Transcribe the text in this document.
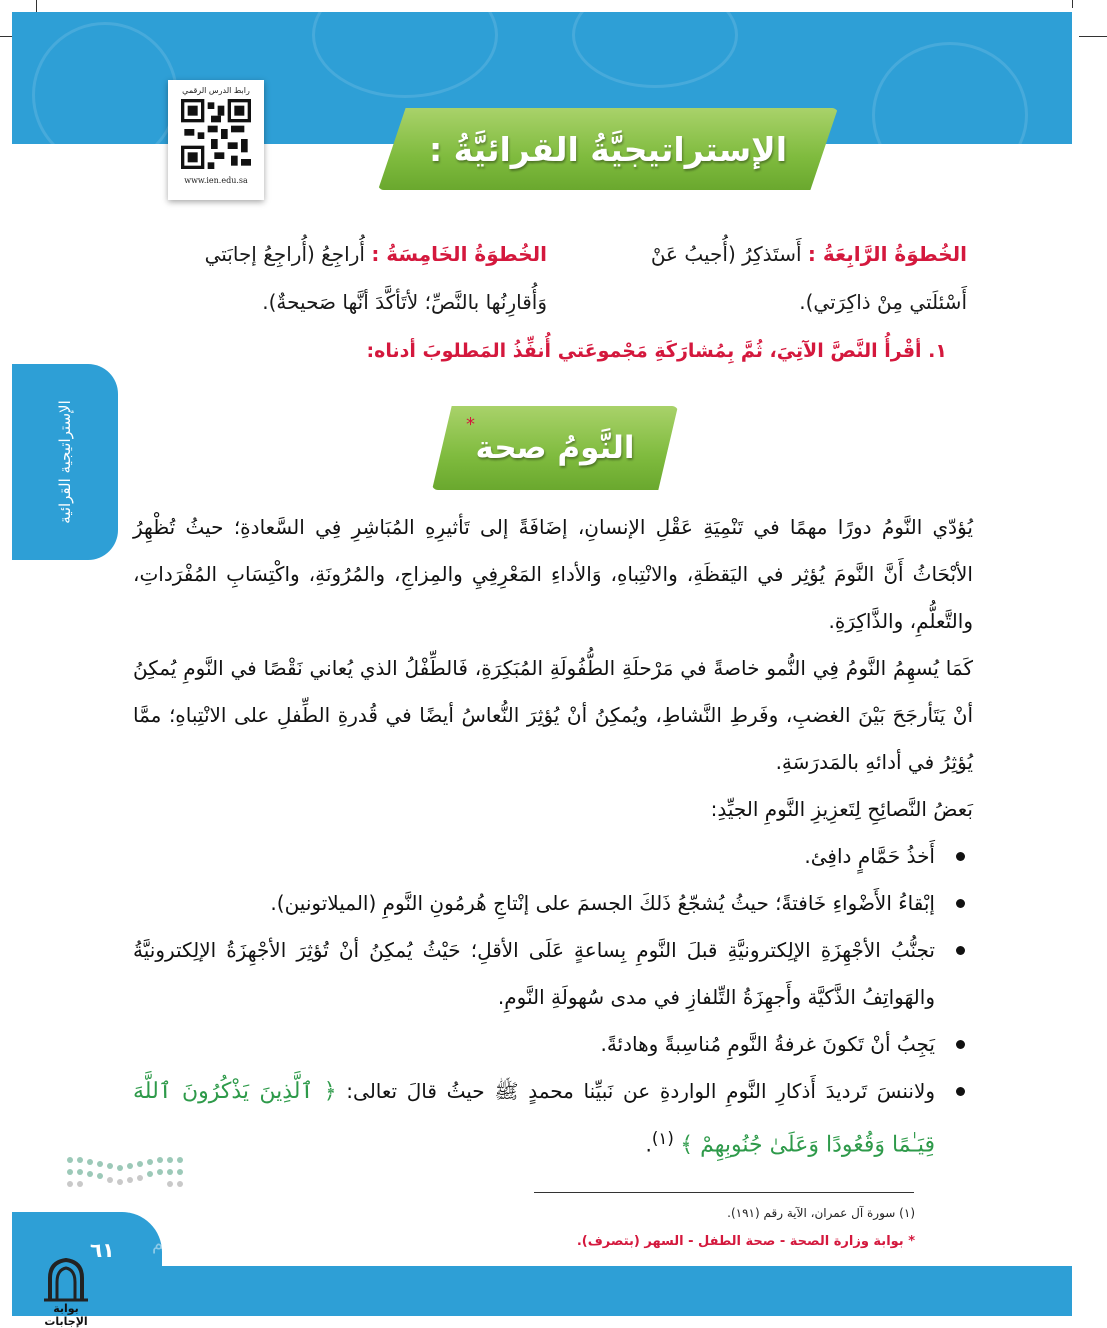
رابط الدرس الرقمي
www.ien.edu.sa
الإستراتيجيَّةُ القرائيَّةُ :
الخُطوَةُ الرَّابِعَةُ : أَستَذكِرُ (أُجيبُ عَنْ أَسْئلَتي مِنْ ذاكِرَتي).
الخُطوَةُ الخَامِسَةُ : أُراجِعُ (أُراجِعُ إجابَتي وَأُقارِنُها بالنَّصِّ؛ لأتَأكَّدَ أنَّها صَحيحةٌ).
١. أقْرأُ النَّصَّ الآتِيَ، ثُمَّ بِمُشارَكَةِ مَجْموعَتي أُنفِّذُ المَطلوبَ أدناه:
الإستراتيجية القرائية	النَّومُ صحة
*

يُؤدّي النَّومُ دورًا مهمًا في تَنْمِيَةِ عَقْلِ الإنسانِ، إضَافَةً إلى تَأثيرِهِ المُبَاشِرِ فِي السَّعادةِ؛ حيثُ تُظْهِرُ الأبْحَاثُ أَنَّ النَّومَ يُؤثِر في اليَقظَةِ، والانْتِباهِ، وَالأداءِ المَعْرِفِيِ والمِزاجِ، والمُرُونَةِ، واكْتِسَابِ المُفْرَداتِ، والتَّعلُّمِ، والذَّاكِرَةِ.

كَمَا يُسهِمُ النَّومُ فِي النُّمو خاصةً في مَرْحلَةِ الطُّفُولَةِ المُبَكِرَةِ، فَالطِّفْلُ الذي يُعاني نَقْصًا في النَّومِ يُمكِنُ أنْ يَتَأرجَحَ بَيْنَ الغضبِ، وفَرطِ النَّشاطِ، ويُمكِنُ أنْ يُؤثِرَ النُّعاسُ أيضًا في قُدرةِ الطِّفلِ على الانْتِباهِ؛ ممَّا يُؤثِرُ في أدائهِ بالمَدرَسَةِ.

بَعضُ النَّصائِحِ لِتَعزِيزِ النَّومِ الجيِّدِ:

أَخذُ حَمَّامٍ دافِئ.
إبْقاءُ الأَضْواءِ خَافتةً؛ حيثُ يُشجّعُ ذَلكَ الجسمَ على إنْتاجِ هُرمُونِ النَّومِ (الميلاتونين).
تجنُّبُ الأجْهِزَةِ الإلِكترونيَّةِ قبلَ النَّومِ بِساعةٍ عَلَى الأقلِ؛ حَيْثُ يُمكِنُ أنْ تُؤثِرَ الأجْهِزَةُ الإلِكترونيَّةُ والهَواتِفُ الذَّكيَّة وأَجهِزَةُ التِّلفازِ في مدى سُهولَةِ النَّومِ.
يَجِبُ أنْ تَكونَ غرفةُ النَّومِ مُناسِبةً وهادئةً.
ولاننسَ تَرديدَ أَذكارِ النَّومِ الواردةِ عن نَبيِّنا محمدٍ ﷺ حيثُ قالَ تعالى: ﴿ ٱلَّذِينَ يَذْكُرُونَ ٱللَّهَ قِيَـٰمًا وَقُعُودًا وَعَلَىٰ جُنُوبِهِمْ ﴾ $^{(١)}$.
(١) سورة آل عمران، الآية رقم (١٩١).
* بوابة وزارة الصحة - صحة الطفل - السهر (بتصرف).
٦١
وزارة التعليم
بوابة الإجابات
